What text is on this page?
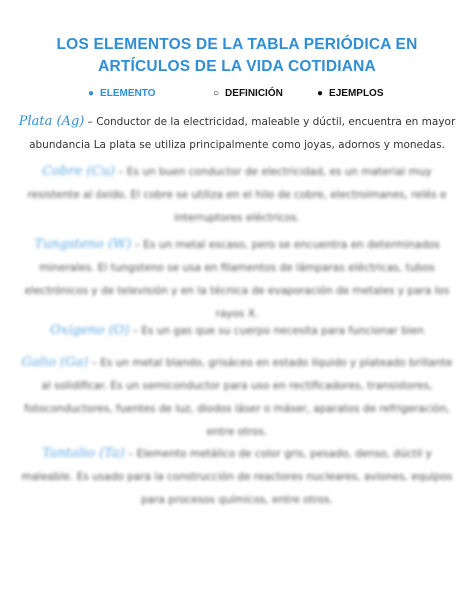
LOS ELEMENTOS DE LA TABLA PERIÓDICA EN
ARTÍCULOS DE LA VIDA COTIDIANA
● ELEMENTO	○ DEFINICIÓN	● EJEMPLOS
Plata (Ag) – Conductor de la electricidad, maleable y dúctil, encuentra en mayor abundancia La plata se utiliza principalmente como joyas, adornos y monedas.
Cobre (Cu) – Es un buen conductor de electricidad, es un material muy resistente al óxido. El cobre se utiliza en el hilo de cobre, electroimanes, relés e interruptores eléctricos.
Tungsteno (W) – Es un metal escaso, pero se encuentra en determinados minerales. El tungsteno se usa en filamentos de lámparas eléctricas, tubos electrónicos y de televisión y en la técnica de evaporación de metales y para los rayos X.
Oxígeno (O) – Es un gas que su cuerpo necesita para funcionar bien
Galio (Ga) – Es un metal blando, grisáceo en estado líquido y plateado brillante al solidificar. Es un semiconductor para uso en rectificadores, transistores, fotoconductores, fuentes de luz, diodos láser o máser, aparatos de refrigeración, entre otros.
Tantalio (Ta) – Elemento metálico de color gris, pesado, denso, dúctil y maleable. Es usado para la construcción de reactores nucleares, aviones, equipos para procesos químicos, entre otros.
